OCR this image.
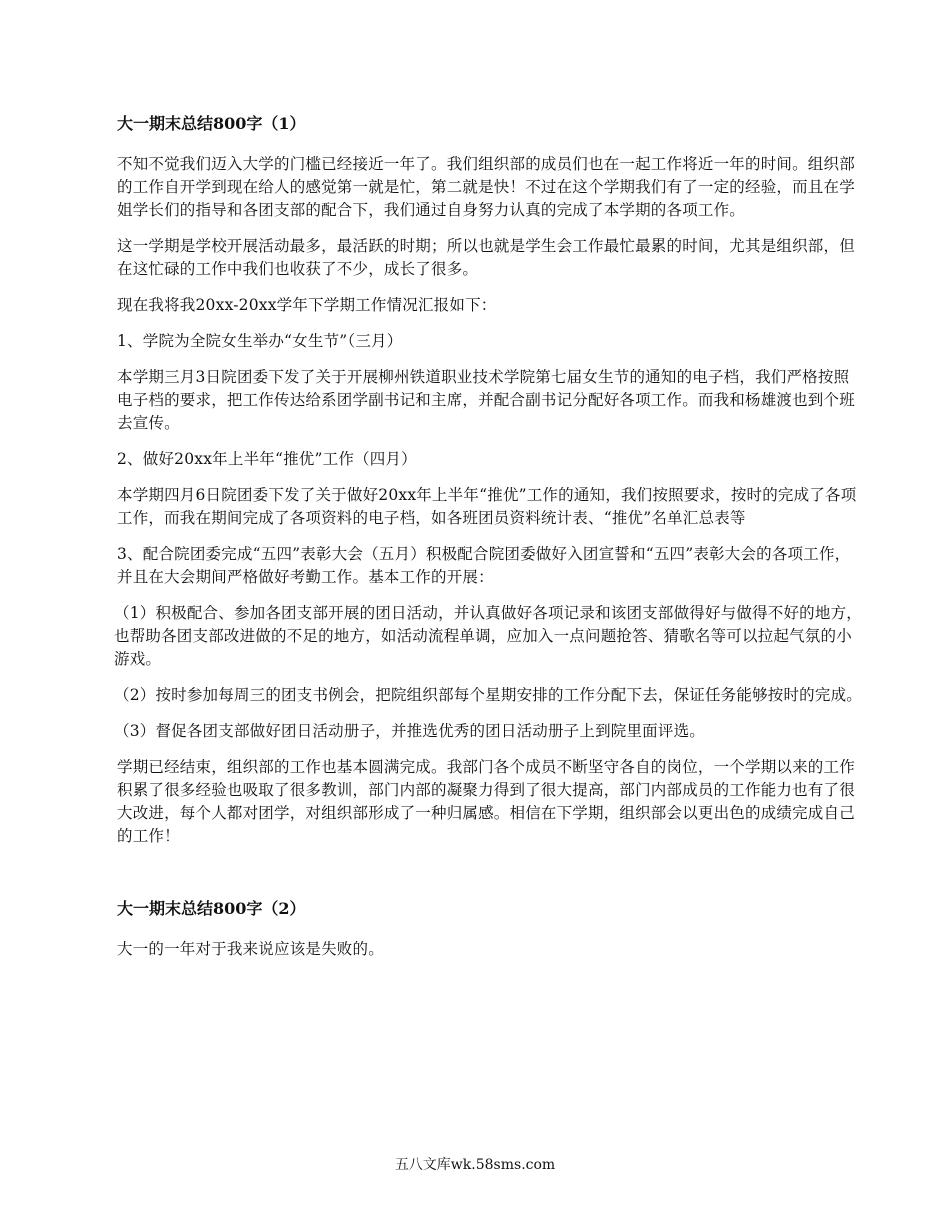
大一期末总结800字（1）

不知不觉我们迈入大学的门槛已经接近一年了。我们组织部的成员们也在一起工作将近一年的时间。组织部的工作自开学到现在给人的感觉第一就是忙，第二就是快！不过在这个学期我们有了一定的经验，而且在学姐学长们的指导和各团支部的配合下，我们通过自身努力认真的完成了本学期的各项工作。

这一学期是学校开展活动最多，最活跃的时期；所以也就是学生会工作最忙最累的时间，尤其是组织部，但在这忙碌的工作中我们也收获了不少，成长了很多。

现在我将我20xx-20xx学年下学期工作情况汇报如下：

1、学院为全院女生举办“女生节”（三月）

本学期三月3日院团委下发了关于开展柳州铁道职业技术学院第七届女生节的通知的电子档，我们严格按照电子档的要求，把工作传达给系团学副书记和主席，并配合副书记分配好各项工作。而我和杨雄渡也到个班去宣传。

2、做好20xx年上半年“推优”工作（四月）

本学期四月6日院团委下发了关于做好20xx年上半年“推优”工作的通知，我们按照要求，按时的完成了各项工作，而我在期间完成了各项资料的电子档，如各班团员资料统计表、“推优”名单汇总表等

3、配合院团委完成“五四”表彰大会（五月）积极配合院团委做好入团宣誓和“五四”表彰大会的各项工作，并且在大会期间严格做好考勤工作。基本工作的开展：

（1）积极配合、参加各团支部开展的团日活动，并认真做好各项记录和该团支部做得好与做得不好的地方，也帮助各团支部改进做的不足的地方，如活动流程单调，应加入一点问题抢答、猜歌名等可以拉起气氛的小游戏。

（2）按时参加每周三的团支书例会，把院组织部每个星期安排的工作分配下去，保证任务能够按时的完成。

（3）督促各团支部做好团日活动册子，并推选优秀的团日活动册子上到院里面评选。

学期已经结束，组织部的工作也基本圆满完成。我部门各个成员不断坚守各自的岗位，一个学期以来的工作积累了很多经验也吸取了很多教训，部门内部的凝聚力得到了很大提高，部门内部成员的工作能力也有了很大改进，每个人都对团学，对组织部形成了一种归属感。相信在下学期，组织部会以更出色的成绩完成自己的工作！

大一期末总结800字（2）

大一的一年对于我来说应该是失败的。

五八文库wk.58sms.com
